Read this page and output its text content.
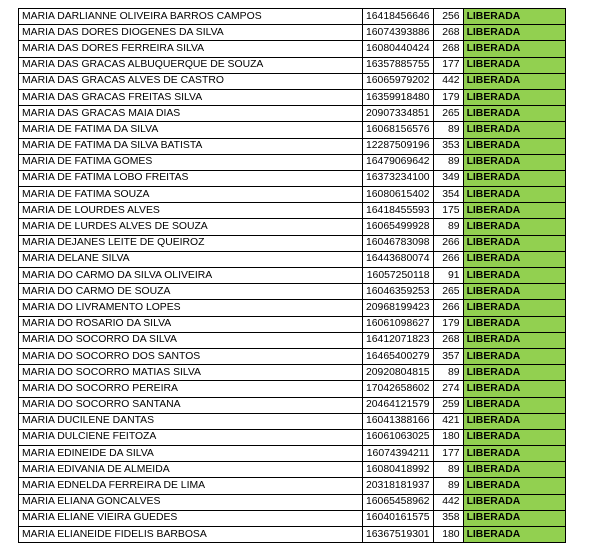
MARIA DARLIANNE OLIVEIRA BARROS CAMPOS	16418456646	256	LIBERADA
MARIA DAS DORES DIOGENES DA SILVA	16074393886	268	LIBERADA
MARIA DAS DORES FERREIRA SILVA	16080440424	268	LIBERADA
MARIA DAS GRACAS ALBUQUERQUE DE SOUZA	16357885755	177	LIBERADA
MARIA DAS GRACAS ALVES DE CASTRO	16065979202	442	LIBERADA
MARIA DAS GRACAS FREITAS SILVA	16359918480	179	LIBERADA
MARIA DAS GRACAS MAIA DIAS	20907334851	265	LIBERADA
MARIA DE FATIMA DA SILVA	16068156576	89	LIBERADA
MARIA DE FATIMA DA SILVA BATISTA	12287509196	353	LIBERADA
MARIA DE FATIMA GOMES	16479069642	89	LIBERADA
MARIA DE FATIMA LOBO FREITAS	16373234100	349	LIBERADA
MARIA DE FATIMA SOUZA	16080615402	354	LIBERADA
MARIA DE LOURDES ALVES	16418455593	175	LIBERADA
MARIA DE LURDES ALVES DE SOUZA	16065499928	89	LIBERADA
MARIA DEJANES LEITE DE QUEIROZ	16046783098	266	LIBERADA
MARIA DELANE SILVA	16443680074	266	LIBERADA
MARIA DO CARMO DA SILVA OLIVEIRA	16057250118	91	LIBERADA
MARIA DO CARMO DE SOUZA	16046359253	265	LIBERADA
MARIA DO LIVRAMENTO LOPES	20968199423	266	LIBERADA
MARIA DO ROSARIO DA SILVA	16061098627	179	LIBERADA
MARIA DO SOCORRO DA SILVA	16412071823	268	LIBERADA
MARIA DO SOCORRO DOS SANTOS	16465400279	357	LIBERADA
MARIA DO SOCORRO MATIAS SILVA	20920804815	89	LIBERADA
MARIA DO SOCORRO PEREIRA	17042658602	274	LIBERADA
MARIA DO SOCORRO SANTANA	20464121579	259	LIBERADA
MARIA DUCILENE DANTAS	16041388166	421	LIBERADA
MARIA DULCIENE FEITOZA	16061063025	180	LIBERADA
MARIA EDINEIDE DA SILVA	16074394211	177	LIBERADA
MARIA EDIVANIA DE ALMEIDA	16080418992	89	LIBERADA
MARIA EDNELDA FERREIRA DE LIMA	20318181937	89	LIBERADA
MARIA ELIANA GONCALVES	16065458962	442	LIBERADA
MARIA ELIANE VIEIRA GUEDES	16040161575	358	LIBERADA
MARIA ELIANEIDE FIDELIS BARBOSA	16367519301	180	LIBERADA
